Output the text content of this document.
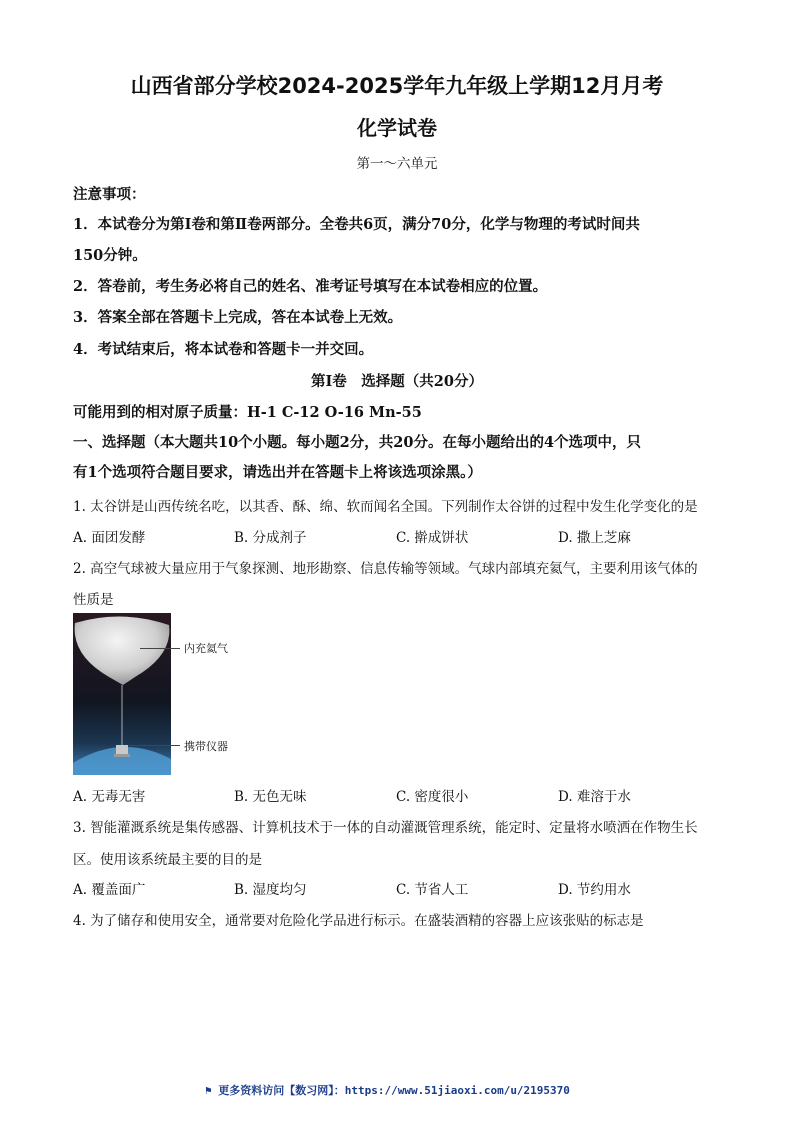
山西省部分学校2024-2025学年九年级上学期12月月考
化学试卷
第一～六单元
注意事项：
1．本试卷分为第Ⅰ卷和第Ⅱ卷两部分。全卷共6页，满分70分，化学与物理的考试时间共
150分钟。
2．答卷前，考生务必将自己的姓名、准考证号填写在本试卷相应的位置。
3．答案全部在答题卡上完成，答在本试卷上无效。
4．考试结束后，将本试卷和答题卡一并交回。
第Ⅰ卷　选择题（共20分）
可能用到的相对原子质量：H-1 C-12 O-16 Mn-55
一、选择题（本大题共10个小题。每小题2分，共20分。在每小题给出的4个选项中，只
有1个选项符合题目要求，请选出并在答题卡上将该选项涂黑。）
1. 太谷饼是山西传统名吃，以其香、酥、绵、软而闻名全国。下列制作太谷饼的过程中发生化学变化的是
A. 面团发酵	B. 分成剂子	C. 擀成饼状	D. 撒上芝麻
2. 高空气球被大量应用于气象探测、地形勘察、信息传输等领域。气球内部填充氦气，主要利用该气体的
性质是
内充氦气
携带仪器
A. 无毒无害	B. 无色无味	C. 密度很小	D. 难溶于水
3. 智能灌溉系统是集传感器、计算机技术于一体的自动灌溉管理系统，能定时、定量将水喷洒在作物生长
区。使用该系统最主要的目的是
A. 覆盖面广	B. 湿度均匀	C. 节省人工	D. 节约用水
4. 为了储存和使用安全，通常要对危险化学品进行标示。在盛装酒精的容器上应该张贴的标志是
⚑ 更多资料访问【数习网】：https://www.51jiaoxi.com/u/2195370
